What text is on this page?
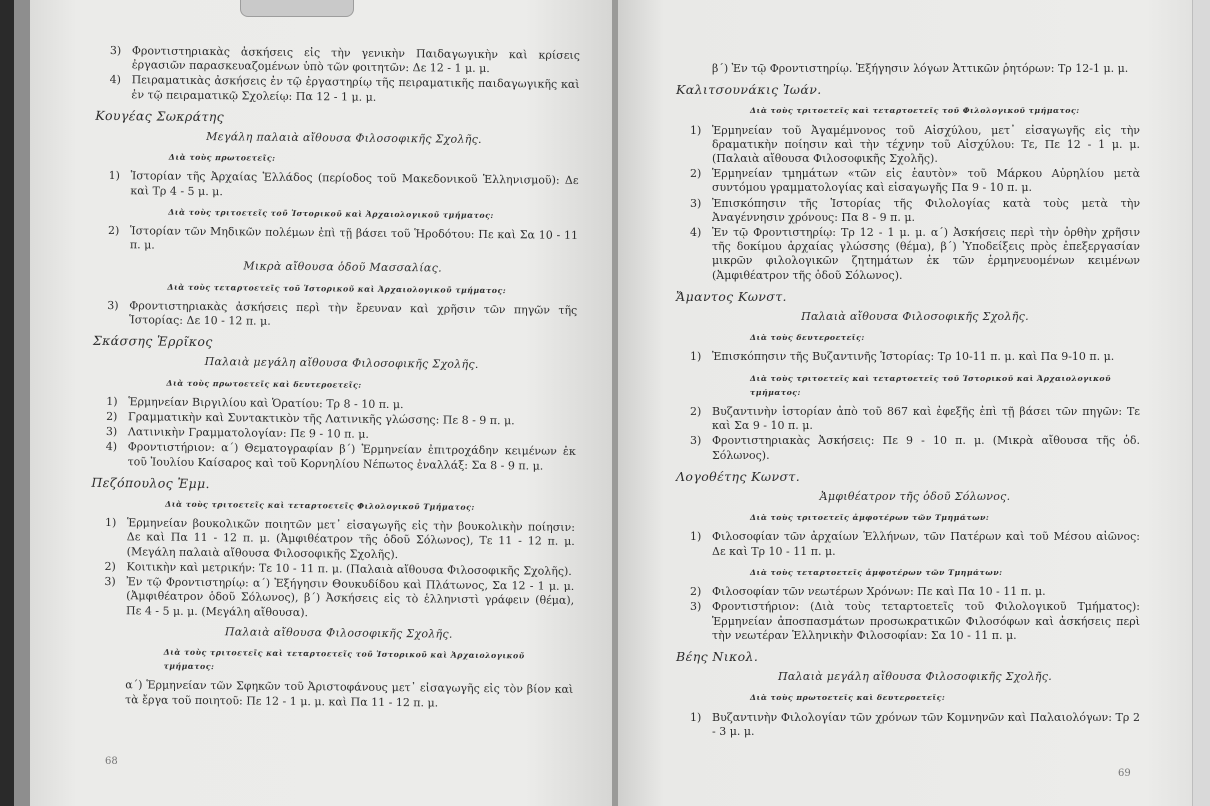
3) Φροντιστηριακὰς ἀσκήσεις εἰς τὴν γενικὴν Παιδαγωγικὴν καὶ κρίσεις ἐργασιῶν παρασκευαζομένων ὑπὸ τῶν φοιτητῶν: Δε 12 - 1 μ. μ.
4) Πειραματικὰς ἀσκήσεις ἐν τῷ ἐργαστηρίῳ τῆς πειραματικῆς παιδαγωγικῆς καὶ ἐν τῷ πειραματικῷ Σχολείῳ: Πα 12 - 1 μ. μ.
Κουγέας Σωκράτης
Μεγάλη παλαιὰ αἴθουσα Φιλοσοφικῆς Σχολῆς.
Διὰ τοὺς πρωτοετεῖς:
1) Ἱστορίαν τῆς Ἀρχαίας Ἑλλάδος (περίοδος τοῦ Μακεδονικοῦ Ἑλληνισμοῦ): Δε καὶ Τρ 4 - 5 μ. μ.
Διὰ τοὺς τριτοετεῖς τοῦ Ἱστορικοῦ καὶ Ἀρχαιολογικοῦ τμήματος:
2) Ἱστορίαν τῶν Μηδικῶν πολέμων ἐπὶ τῇ βάσει τοῦ Ἡροδότου: Πε καὶ Σα 10 - 11 π. μ.
Μικρὰ αἴθουσα ὁδοῦ Μασσαλίας.
Διὰ τοὺς τεταρτοετεῖς τοῦ Ἱστορικοῦ καὶ Ἀρχαιολογικοῦ τμήματος:
3) Φροντιστηριακὰς ἀσκήσεις περὶ τὴν ἔρευναν καὶ χρῆσιν τῶν πηγῶν τῆς Ἱστορίας: Δε 10 - 12 π. μ.
Σκάσσης Ἑρρῖκος
Παλαιὰ μεγάλη αἴθουσα Φιλοσοφικῆς Σχολῆς.
Διὰ τοὺς πρωτοετεῖς καὶ δευτεροετεῖς:
1) Ἑρμηνείαν Βιργιλίου καὶ Ὁρατίου: Τρ 8 - 10 π. μ.
2) Γραμματικὴν καὶ Συντακτικὸν τῆς Λατινικῆς γλώσσης: Πε 8 - 9 π. μ.
3) Λατινικὴν Γραμματολογίαν: Πε 9 - 10 π. μ.
4) Φροντιστήριον: α΄) Θεματογραφίαν β΄) Ἑρμηνείαν ἐπιτροχάδην κειμένων ἐκ τοῦ Ἰουλίου Καίσαρος καὶ τοῦ Κορνηλίου Νέπωτος ἐναλλάξ: Σα 8 - 9 π. μ.
Πεζόπουλος Ἐμμ.
Διὰ τοὺς τριτοετεῖς καὶ τεταρτοετεῖς Φιλολογικοῦ Τμήματος:
1) Ἑρμηνείαν βουκολικῶν ποιητῶν μετ᾽ εἰσαγωγῆς εἰς τὴν βουκολικὴν ποίησιν: Δε καὶ Πα 11 - 12 π. μ. (Ἀμφιθέατρον τῆς ὁδοῦ Σόλωνος), Τε 11 - 12 π. μ. (Μεγάλη παλαιὰ αἴθουσα Φιλοσοφικῆς Σχολῆς).
2) Κοιτικὴν καὶ μετρικήν: Τε 10 - 11 π. μ. (Παλαιὰ αἴθουσα Φιλοσοφικῆς Σχολῆς).
3) Ἐν τῷ Φροντιστηρίῳ: α΄) Ἐξήγησιν Θουκυδίδου καὶ Πλάτωνος, Σα 12 - 1 μ. μ. (Ἀμφιθέατρον ὁδοῦ Σόλωνος), β΄) Ἀσκήσεις εἰς τὸ ἑλληνιστὶ γράφειν (θέμα), Πε 4 - 5 μ. μ. (Μεγάλη αἴθουσα).
Παλαιὰ αἴθουσα Φιλοσοφικῆς Σχολῆς.
Διὰ τοὺς τριτοετεῖς καὶ τεταρτοετεῖς τοῦ Ἱστορικοῦ καὶ Ἀρχαιολογικοῦ τμήματος:
α΄) Ἑρμηνείαν τῶν Σφηκῶν τοῦ Ἀριστοφάνους μετ᾽ εἰσαγωγῆς εἰς τὸν βίον καὶ τὰ ἔργα τοῦ ποιητοῦ: Πε 12 - 1 μ. μ. καὶ Πα 11 - 12 π. μ.
68
β΄) Ἐν τῷ Φροντιστηρίῳ. Ἐξήγησιν λόγων Ἀττικῶν ῥητόρων: Τρ 12-1 μ. μ.
Καλιτσουνάκις Ἰωάν.
Διὰ τοὺς τριτοετεῖς καὶ τεταρτοετεῖς τοῦ Φιλολογικοῦ τμήματος:
1) Ἑρμηνείαν τοῦ Ἀγαμέμνονος τοῦ Αἰσχύλου, μετ᾽ εἰσαγωγῆς εἰς τὴν δραματικὴν ποίησιν καὶ τὴν τέχνην τοῦ Αἰσχύλου: Τε, Πε 12 - 1 μ. μ. (Παλαιὰ αἴθουσα Φιλοσοφικῆς Σχολῆς).
2) Ἑρμηνείαν τμημάτων «τῶν εἰς ἑαυτὸν» τοῦ Μάρκου Αὐρηλίου μετὰ συντόμου γραμματολογίας καὶ εἰσαγωγῆς Πα 9 - 10 π. μ.
3) Ἐπισκόπησιν τῆς Ἱστορίας τῆς Φιλολογίας κατὰ τοὺς μετὰ τὴν Ἀναγέννησιν χρόνους: Πα 8 - 9 π. μ.
4) Ἐν τῷ Φροντιστηρίῳ: Τρ 12 - 1 μ. μ. α΄) Ἀσκήσεις περὶ τὴν ὀρθὴν χρῆσιν τῆς δοκίμου ἀρχαίας γλώσσης (θέμα), β΄) Ὑποδείξεις πρὸς ἐπεξεργασίαν μικρῶν φιλολογικῶν ζητημάτων ἐκ τῶν ἑρμηνευομένων κειμένων (Ἀμφιθέατρον τῆς ὁδοῦ Σόλωνος).
Ἄμαντος Κωνστ.
Παλαιὰ αἴθουσα Φιλοσοφικῆς Σχολῆς.
Διὰ τοὺς δευτεροετεῖς:
1) Ἐπισκόπησιν τῆς Βυζαντινῆς Ἱστορίας: Τρ 10-11 π. μ. καὶ Πα 9-10 π. μ.
Διὰ τοὺς τριτοετεῖς καὶ τεταρτοετεῖς τοῦ Ἱστορικοῦ καὶ Ἀρχαιολογικοῦ τμήματος:
2) Βυζαντινὴν ἱστορίαν ἀπὸ τοῦ 867 καὶ ἐφεξῆς ἐπὶ τῇ βάσει τῶν πηγῶν: Τε καὶ Σα 9 - 10 π. μ.
3) Φροντιστηριακὰς Ἀσκήσεις: Πε 9 - 10 π. μ. (Μικρὰ αἴθουσα τῆς ὁδ. Σόλωνος).
Λογοθέτης Κωνστ.
Ἀμφιθέατρον τῆς ὁδοῦ Σόλωνος.
Διὰ τοὺς τριτοετεῖς ἀμφοτέρων τῶν Τμημάτων:
1) Φιλοσοφίαν τῶν ἀρχαίων Ἑλλήνων, τῶν Πατέρων καὶ τοῦ Μέσου αἰῶνος: Δε καὶ Τρ 10 - 11 π. μ.
Διὰ τοὺς τεταρτοετεῖς ἀμφοτέρων τῶν Τμημάτων:
2) Φιλοσοφίαν τῶν νεωτέρων Χρόνων: Πε καὶ Πα 10 - 11 π. μ.
3) Φροντιστήριον: (Διὰ τοὺς τεταρτοετεῖς τοῦ Φιλολογικοῦ Τμήματος): Ἑρμηνείαν ἀποσπασμάτων προσωκρατικῶν Φιλοσόφων καὶ ἀσκήσεις περὶ τὴν νεωτέραν Ἑλληνικὴν Φιλοσοφίαν: Σα 10 - 11 π. μ.
Βέης Νικολ.
Παλαιὰ μεγάλη αἴθουσα Φιλοσοφικῆς Σχολῆς.
Διὰ τοὺς πρωτοετεῖς καὶ δευτεροετεῖς:
1) Βυζαντινὴν Φιλολογίαν τῶν χρόνων τῶν Κομνηνῶν καὶ Παλαιολόγων: Τρ 2 - 3 μ. μ.
69
